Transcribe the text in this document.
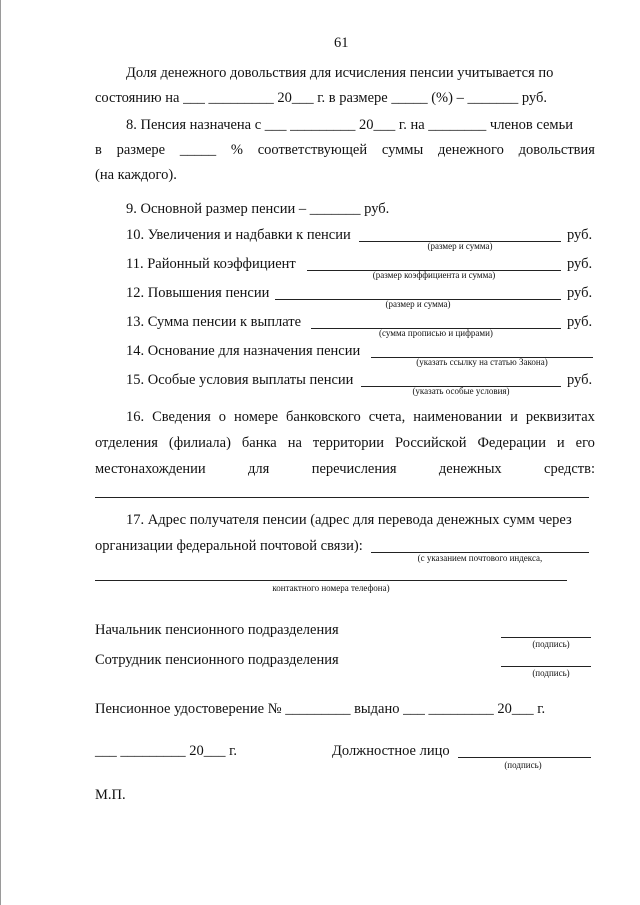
61
Доля денежного довольствия для исчисления пенсии учитывается по
состоянию на ___ _________ 20___ г. в размере _____ (%) – _______ руб.
8. Пенсия назначена с ___ _________ 20___ г. на ________ членов семьи
в размере _____ % соответствующей суммы денежного довольствия
(на каждого).
9. Основной размер пенсии – _______ руб.
10. Увеличения и надбавки к пенсии	руб.
(размер и сумма)
11. Районный коэффициент	руб.
(размер коэффициента и сумма)
12. Повышения пенсии	руб.
(размер и сумма)
13. Сумма пенсии к выплате	руб.
(сумма прописью и цифрами)
14. Основание для назначения пенсии
(указать ссылку на статью Закона)
15. Особые условия выплаты пенсии	руб.
(указать особые условия)
16. Сведения о номере банковского счета, наименовании и реквизитах
отделения (филиала) банка на территории Российской Федерации и его
местонахождении	для	перечисления	денежных	средств:
17. Адрес получателя пенсии (адрес для перевода денежных сумм через
организации федеральной почтовой связи):
(с указанием почтового индекса,
контактного номера телефона)
Начальник пенсионного подразделения
(подпись)
Сотрудник пенсионного подразделения
(подпись)
Пенсионное удостоверение № _________ выдано ___ _________ 20___ г.
___ _________ 20___ г.	Должностное лицо
(подпись)
М.П.
